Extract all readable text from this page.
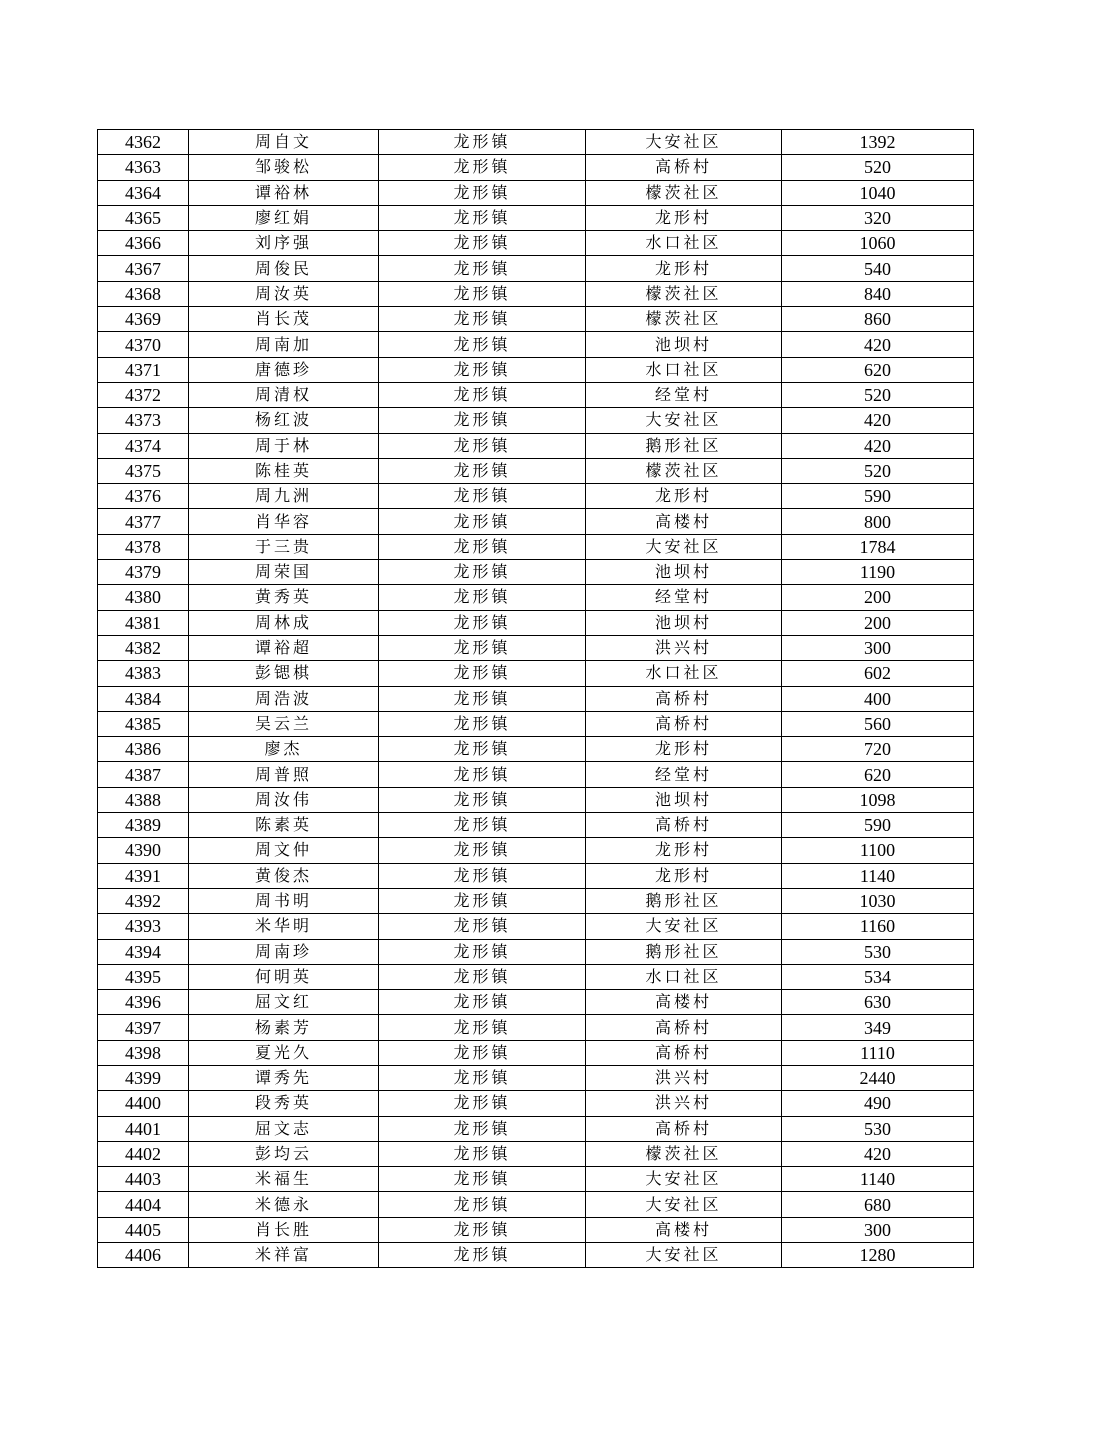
4362	周自文	龙形镇	大安社区	1392
4363	邹骏松	龙形镇	高桥村	520
4364	谭裕林	龙形镇	檬茨社区	1040
4365	廖红娟	龙形镇	龙形村	320
4366	刘序强	龙形镇	水口社区	1060
4367	周俊民	龙形镇	龙形村	540
4368	周汝英	龙形镇	檬茨社区	840
4369	肖长茂	龙形镇	檬茨社区	860
4370	周南加	龙形镇	池坝村	420
4371	唐德珍	龙形镇	水口社区	620
4372	周清权	龙形镇	经堂村	520
4373	杨红波	龙形镇	大安社区	420
4374	周于林	龙形镇	鹅形社区	420
4375	陈桂英	龙形镇	檬茨社区	520
4376	周九洲	龙形镇	龙形村	590
4377	肖华容	龙形镇	高楼村	800
4378	于三贵	龙形镇	大安社区	1784
4379	周荣国	龙形镇	池坝村	1190
4380	黄秀英	龙形镇	经堂村	200
4381	周林成	龙形镇	池坝村	200
4382	谭裕超	龙形镇	洪兴村	300
4383	彭锶棋	龙形镇	水口社区	602
4384	周浩波	龙形镇	高桥村	400
4385	吴云兰	龙形镇	高桥村	560
4386	廖杰	龙形镇	龙形村	720
4387	周普照	龙形镇	经堂村	620
4388	周汝伟	龙形镇	池坝村	1098
4389	陈素英	龙形镇	高桥村	590
4390	周文仲	龙形镇	龙形村	1100
4391	黄俊杰	龙形镇	龙形村	1140
4392	周书明	龙形镇	鹅形社区	1030
4393	米华明	龙形镇	大安社区	1160
4394	周南珍	龙形镇	鹅形社区	530
4395	何明英	龙形镇	水口社区	534
4396	屈文红	龙形镇	高楼村	630
4397	杨素芳	龙形镇	高桥村	349
4398	夏光久	龙形镇	高桥村	1110
4399	谭秀先	龙形镇	洪兴村	2440
4400	段秀英	龙形镇	洪兴村	490
4401	屈文志	龙形镇	高桥村	530
4402	彭均云	龙形镇	檬茨社区	420
4403	米福生	龙形镇	大安社区	1140
4404	米德永	龙形镇	大安社区	680
4405	肖长胜	龙形镇	高楼村	300
4406	米祥富	龙形镇	大安社区	1280
